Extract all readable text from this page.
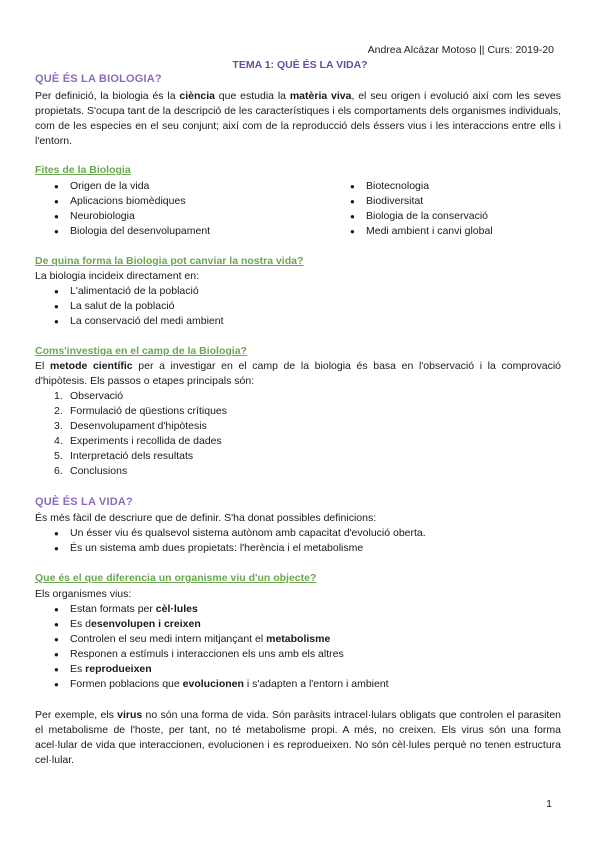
Andrea Alcázar Motoso || Curs: 2019-20
TEMA 1: QUÈ ÉS LA VIDA?
QUÈ ÉS LA BIOLOGIA?

Per definició, la biologia és la ciència que estudia la matèria viva, el seu origen i evolució així com les seves propietats. S'ocupa tant de la descripció de les característiques i els comportaments dels organismes individuals, com de les especies en el seu conjunt; així com de la reproducció dels éssers vius i les interaccions entre ells i l'entorn.

Fites de la Biologia
● Origen de la vida
● Aplicacions biomèdiques
● Neurobiologia
● Biologia del desenvolupament
● Biotecnologia
● Biodiversitat
● Biologia de la conservació
● Medi ambient i canvi global
De quina forma la Biologia pot canviar la nostra vida?
La biologia incideix directament en:
● L'alimentació de la població
● La salut de la població
● La conservació del medi ambient
Coms'investiga en el camp de la Biologia?

El metode científic per a investigar en el camp de la biologia és basa en l'observació i la comprovació d'hipòtesis. Els passos o etapes principals són:

1. Observació
2. Formulació de qüestions crítiques
3. Desenvolupament d'hipòtesis
4. Experiments i recollida de dades
5. Interpretació dels resultats
6. Conclusions
QUÈ ÉS LA VIDA?
És més fàcil de descriure que de definir. S'ha donat possibles definicions:
● Un ésser viu és qualsevol sistema autònom amb capacitat d'evolució oberta.
● És un sistema amb dues propietats: l'herència i el metabolisme
Que és el que diferencia un organisme viu d'un objecte?
Els organismes vius:
● Estan formats per cèl·lules
● Es desenvolupen i creixen
● Controlen el seu medi intern mitjançant el metabolisme
● Responen a estímuls i interaccionen els uns amb els altres
● Es reprodueixen
● Formen poblacions que evolucionen i s'adapten a l'entorn i ambient

Per exemple, els virus no són una forma de vida. Són paràsits intracel·lulars obligats que controlen el parasiten el metabolisme de l'hoste, per tant, no té metabolisme propi. A més, no creixen. Els virus són una forma acel·lular de vida que interaccionen, evolucionen i es reprodueixen. No són cèl·lules perquè no tenen estructura cel·lular.

1
